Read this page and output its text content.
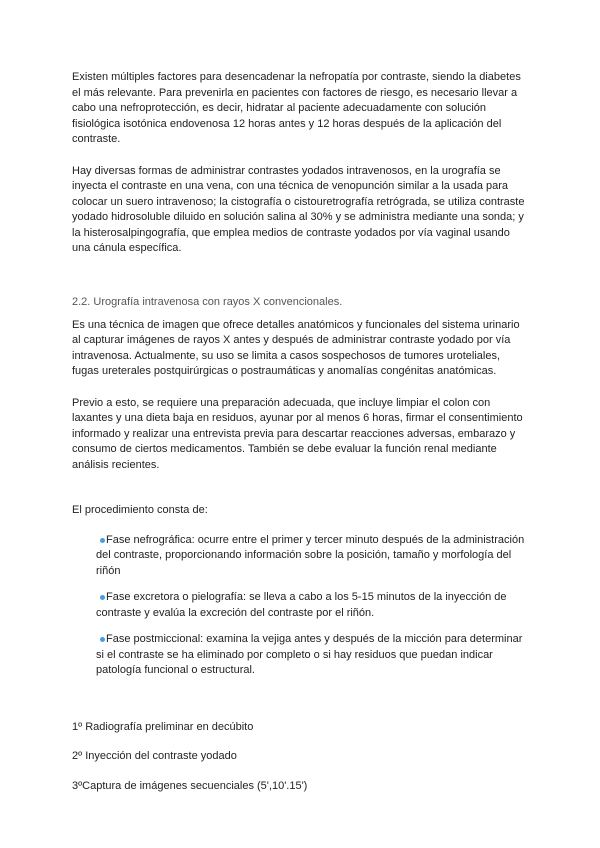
Existen múltiples factores para desencadenar la nefropatía por contraste, siendo la diabetes el más relevante. Para prevenirla en pacientes con factores de riesgo, es necesario llevar a cabo una nefroprotección, es decir, hidratar al paciente adecuadamente con solución fisiológica isotónica endovenosa 12 horas antes y 12 horas después de la aplicación del contraste.

Hay diversas formas de administrar contrastes yodados intravenosos, en la urografía se inyecta el contraste en una vena, con una técnica de venopunción similar a la usada para colocar un suero intravenoso; la cistografía o cistouretrografía retrógrada, se utiliza contraste yodado hidrosoluble diluido en solución salina al 30% y se administra mediante una sonda; y la histerosalpingografía, que emplea medios de contraste yodados por vía vaginal usando una cánula específica.

2.2. Urografía intravenosa con rayos X convencionales.

Es una técnica de imagen que ofrece detalles anatómicos y funcionales del sistema urinario al capturar imágenes de rayos X antes y después de administrar contraste yodado por vía intravenosa. Actualmente, su uso se limita a casos sospechosos de tumores uroteliales, fugas ureterales postquirúrgicas o postraumáticas y anomalías congénitas anatómicas.

Previo a esto, se requiere una preparación adecuada, que incluye limpiar el colon con laxantes y una dieta baja en residuos, ayunar por al menos 6 horas, firmar el consentimiento informado y realizar una entrevista previa para descartar reacciones adversas, embarazo y consumo de ciertos medicamentos. También se debe evaluar la función renal mediante análisis recientes.

El procedimiento consta de:

Fase nefrográfica: ocurre entre el primer y tercer minuto después de la administración del contraste, proporcionando información sobre la posición, tamaño y morfología del riñón
Fase excretora o pielografía: se lleva a cabo a los 5-15 minutos de la inyección de contraste y evalúa la excreción del contraste por el riñón.
Fase postmiccional: examina la vejiga antes y después de la micción para determinar si el contraste se ha eliminado por completo o si hay residuos que puedan indicar patología funcional o estructural.

1º Radiografía preliminar en decúbito

2º Inyección del contraste yodado

3ºCaptura de imágenes secuenciales (5',10'.15')
